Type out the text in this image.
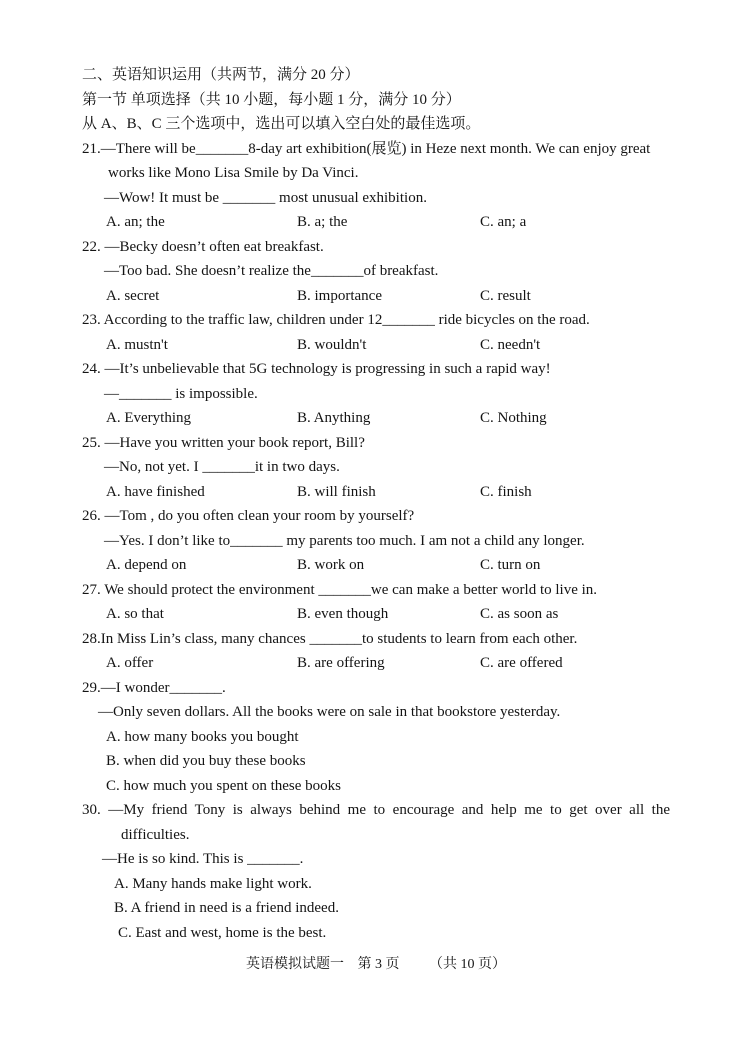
二、英语知识运用（共两节，满分 20 分）
第一节 单项选择（共 10 小题，每小题 1 分，满分 10 分）
从 A、B、C 三个选项中，选出可以填入空白处的最佳选项。
21.—There will be_______8-day art exhibition(展览) in Heze next month. We can enjoy great
works like Mono Lisa Smile by Da Vinci.
—Wow! It must be _______ most unusual exhibition.
A. an; the	B. a; the	C. an; a
22. —Becky doesn’t often eat breakfast.
—Too bad. She doesn’t realize the_______of breakfast.
A. secret	B. importance	C. result
23. According to the traffic law, children under 12_______ ride bicycles on the road.
A. mustn't	B. wouldn't	C. needn't
24. —It’s unbelievable that 5G technology is progressing in such a rapid way!
—_______ is impossible.
A. Everything	B. Anything	C. Nothing
25. —Have you written your book report, Bill?
—No, not yet. I _______it in two days.
A. have finished	B. will finish	C. finish
26. —Tom , do you often clean your room by yourself?
—Yes. I don’t like to_______ my parents too much. I am not a child any longer.
A. depend on	B. work on	C. turn on
27. We should protect the environment _______we can make a better world to live in.
A. so that	B. even though	C. as soon as
28.In Miss Lin’s class, many chances _______to students to learn from each other.
A. offer	B. are offering	C. are offered
29.—I wonder_______.
—Only seven dollars. All the books were on sale in that bookstore yesterday.
A. how many books you bought
B. when did you buy these books
C. how much you spent on these books
30. —My friend Tony is always behind me to encourage and help me to get over all the
difficulties.
—He is so kind. This is _______.
A. Many hands make light work.
B. A friend in need is a friend indeed.
C. East and west, home is the best.
英语模拟试题一 第 3 页 （共 10 页）
